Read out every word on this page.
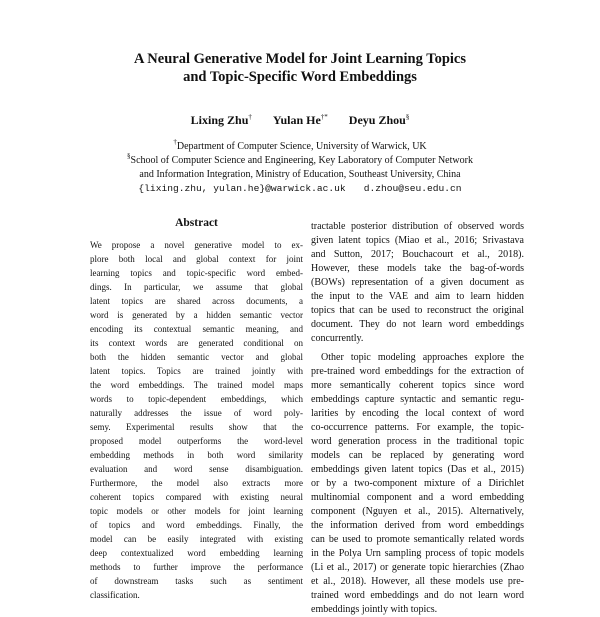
A Neural Generative Model for Joint Learning Topics
and Topic-Specific Word Embeddings
Lixing Zhu† Yulan He†* Deyu Zhou§
†Department of Computer Science, University of Warwick, UK
§School of Computer Science and Engineering, Key Laboratory of Computer Network
and Information Integration, Ministry of Education, Southeast University, China
{lixing.zhu, yulan.he}@warwick.ac.uk d.zhou@seu.edu.cn
Abstract
We propose a novel generative model to ex-
plore both local and global context for joint
learning topics and topic-specific word embed-
dings. In particular, we assume that global
latent topics are shared across documents, a
word is generated by a hidden semantic vector
encoding its contextual semantic meaning, and
its context words are generated conditional on
both the hidden semantic vector and global
latent topics. Topics are trained jointly with
the word embeddings. The trained model maps
words to topic-dependent embeddings, which
naturally addresses the issue of word poly-
semy. Experimental results show that the
proposed model outperforms the word-level
embedding methods in both word similarity
evaluation and word sense disambiguation.
Furthermore, the model also extracts more
coherent topics compared with existing neural
topic models or other models for joint learning
of topics and word embeddings. Finally, the
model can be easily integrated with existing
deep contextualized word embedding learning
methods to further improve the performance
of downstream tasks such as sentiment
classification.
tractable posterior distribution of observed words
given latent topics (Miao et al., 2016; Srivastava
and Sutton, 2017; Bouchacourt et al., 2018).
However, these models take the bag-of-words
(BOWs) representation of a given document as
the input to the VAE and aim to learn hidden
topics that can be used to reconstruct the original
document. They do not learn word embeddings
concurrently.
Other topic modeling approaches explore the
pre-trained word embeddings for the extraction of
more semantically coherent topics since word
embeddings capture syntactic and semantic regu-
larities by encoding the local context of word
co-occurrence patterns. For example, the topic-
word generation process in the traditional topic
models can be replaced by generating word
embeddings given latent topics (Das et al., 2015)
or by a two-component mixture of a Dirichlet
multinomial component and a word embedding
component (Nguyen et al., 2015). Alternatively,
the information derived from word embeddings
can be used to promote semantically related words
in the Polya Urn sampling process of topic models
(Li et al., 2017) or generate topic hierarchies (Zhao
et al., 2018). However, all these models use pre-
trained word embeddings and do not learn word
embeddings jointly with topics.
